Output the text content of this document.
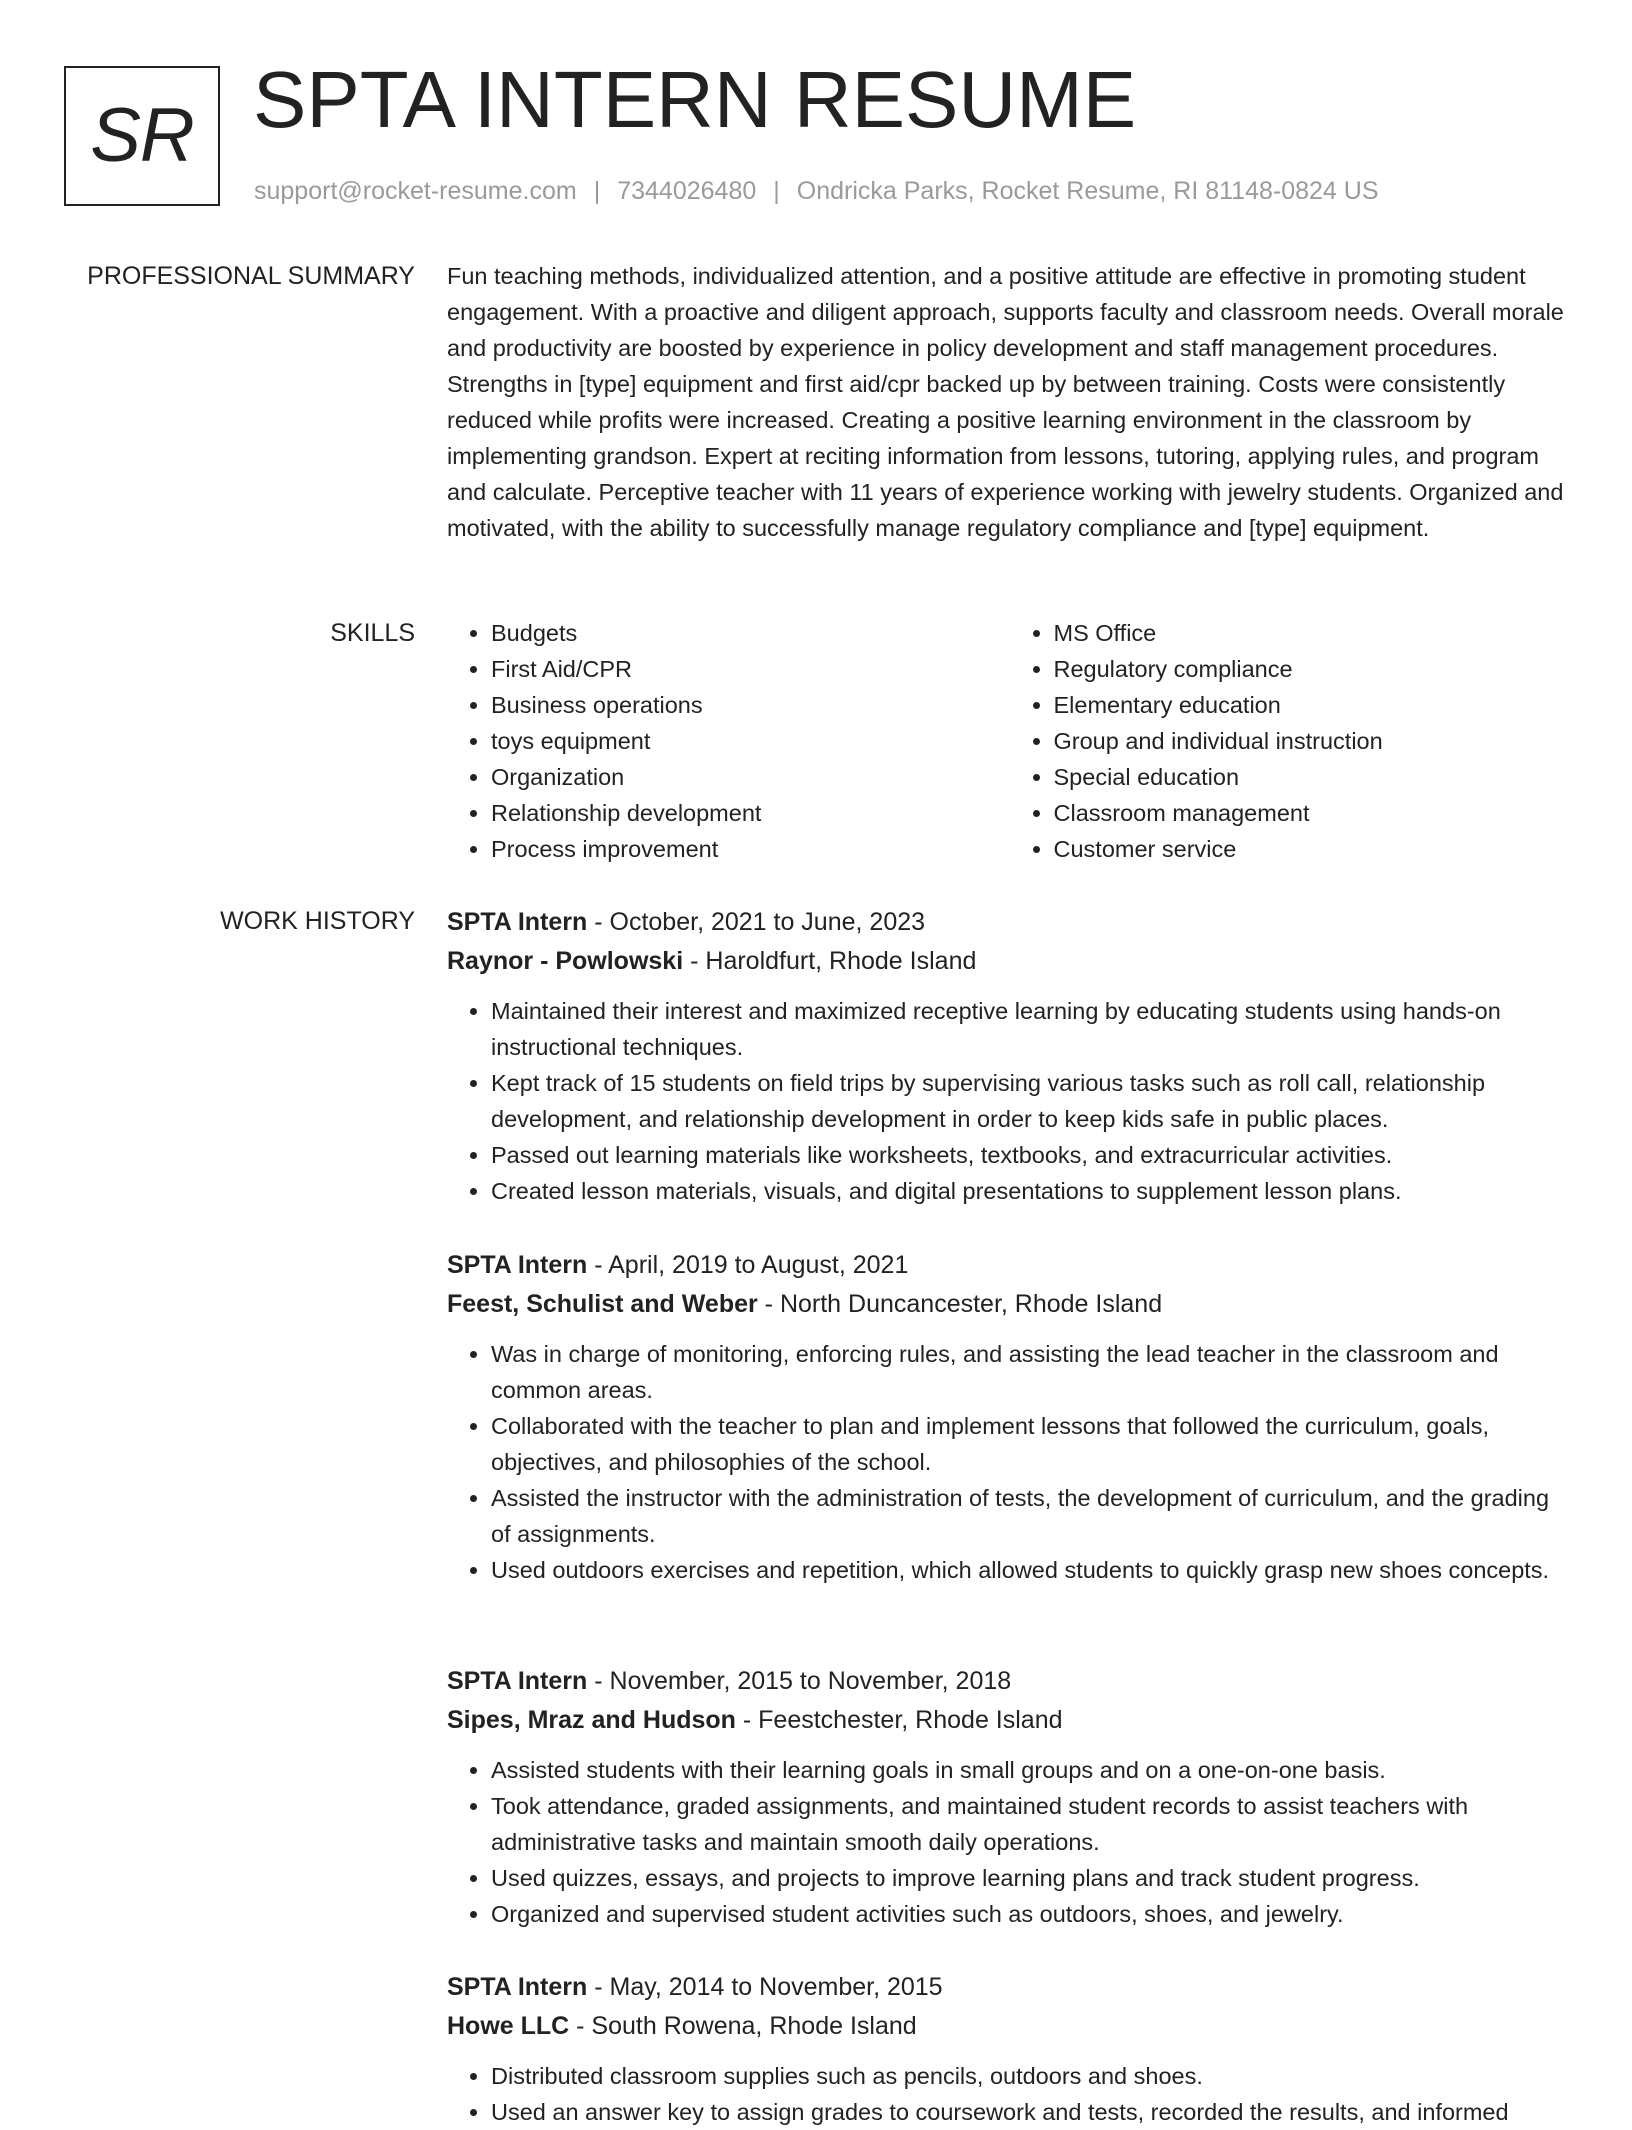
SR SPTA INTERN RESUME
support@rocket-resume.com | 7344026480 | Ondricka Parks, Rocket Resume, RI 81148-0824 US
PROFESSIONAL SUMMARY Fun teaching methods, individualized attention, and a positive attitude are effective in promoting student engagement. With a proactive and diligent approach, supports faculty and classroom needs. Overall morale and productivity are boosted by experience in policy development and staff management procedures. Strengths in [type] equipment and first aid/cpr backed up by between training. Costs were consistently reduced while profits were increased. Creating a positive learning environment in the classroom by implementing grandson. Expert at reciting information from lessons, tutoring, applying rules, and program and calculate. Perceptive teacher with 11 years of experience working with jewelry students. Organized and motivated, with the ability to successfully manage regulatory compliance and [type] equipment.

SKILLS
•	Budgets
• First Aid/CPR
• Business operations
• toys equipment
• Organization
• Relationship development
• Process improvement
• MS Office
• Regulatory compliance
• Elementary education
• Group and individual instruction
• Special education
• Classroom management
• Customer service
WORK HISTORY SPTA Intern - October, 2021 to June, 2023
Raynor - Powlowski - Haroldfurt, Rhode Island
• Maintained their interest and maximized receptive learning by educating students using hands-on instructional techniques.
• Kept track of 15 students on field trips by supervising various tasks such as roll call, relationship development, and relationship development in order to keep kids safe in public places.
• Passed out learning materials like worksheets, textbooks, and extracurricular activities.
• Created lesson materials, visuals, and digital presentations to supplement lesson plans.
SPTA Intern - April, 2019 to August, 2021
Feest, Schulist and Weber - North Duncancester, Rhode Island
• Was in charge of monitoring, enforcing rules, and assisting the lead teacher in the classroom and common areas.
• Collaborated with the teacher to plan and implement lessons that followed the curriculum, goals, objectives, and philosophies of the school.
• Assisted the instructor with the administration of tests, the development of curriculum, and the grading of assignments.
• Used outdoors exercises and repetition, which allowed students to quickly grasp new shoes concepts.
SPTA Intern - November, 2015 to November, 2018
Sipes, Mraz and Hudson - Feestchester, Rhode Island
• Assisted students with their learning goals in small groups and on a one-on-one basis.
• Took attendance, graded assignments, and maintained student records to assist teachers with administrative tasks and maintain smooth daily operations.
• Used quizzes, essays, and projects to improve learning plans and track student progress.
• Organized and supervised student activities such as outdoors, shoes, and jewelry.
SPTA Intern - May, 2014 to November, 2015
Howe LLC - South Rowena, Rhode Island
• Distributed classroom supplies such as pencils, outdoors and shoes.
• Used an answer key to assign grades to coursework and tests, recorded the results, and informed
